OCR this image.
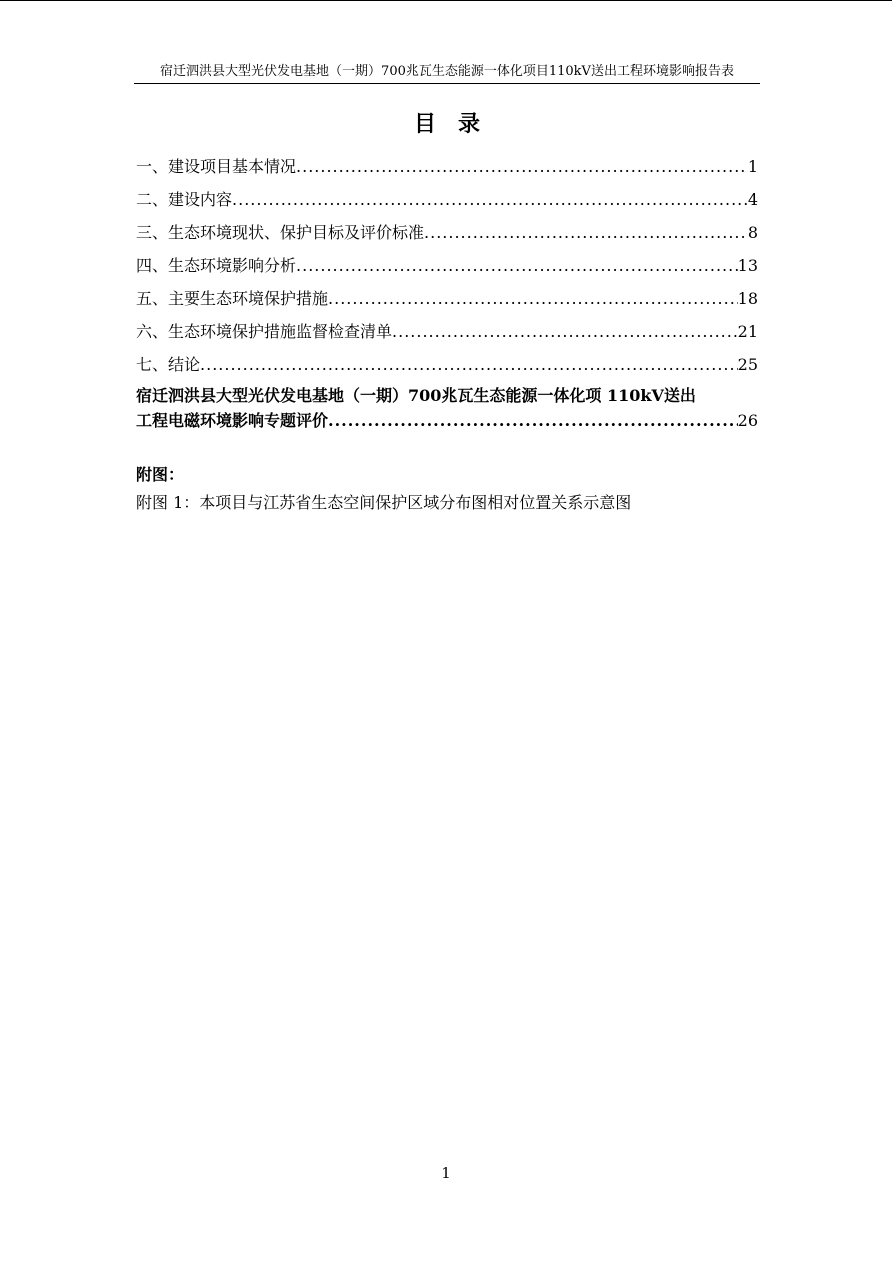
宿迁泗洪县大型光伏发电基地（一期）700兆瓦生态能源一体化项目110kV送出工程环境影响报告表
目　录
一、建设项目基本情况 .....	1
二、建设内容 .....	4
三、生态环境现状、保护目标及评价标准 .....	8
四、生态环境影响分析 .....	13
五、主要生态环境保护措施 .....	18
六、生态环境保护措施监督检查清单 .....	21
七、结论 .....	25
宿迁泗洪县大型光伏发电基地（一期）700兆瓦生态能源一体化项 110kV送出
工程电磁环境影响专题评价 .....	26
附图：
附图 1：本项目与江苏省生态空间保护区域分布图相对位置关系示意图
1
